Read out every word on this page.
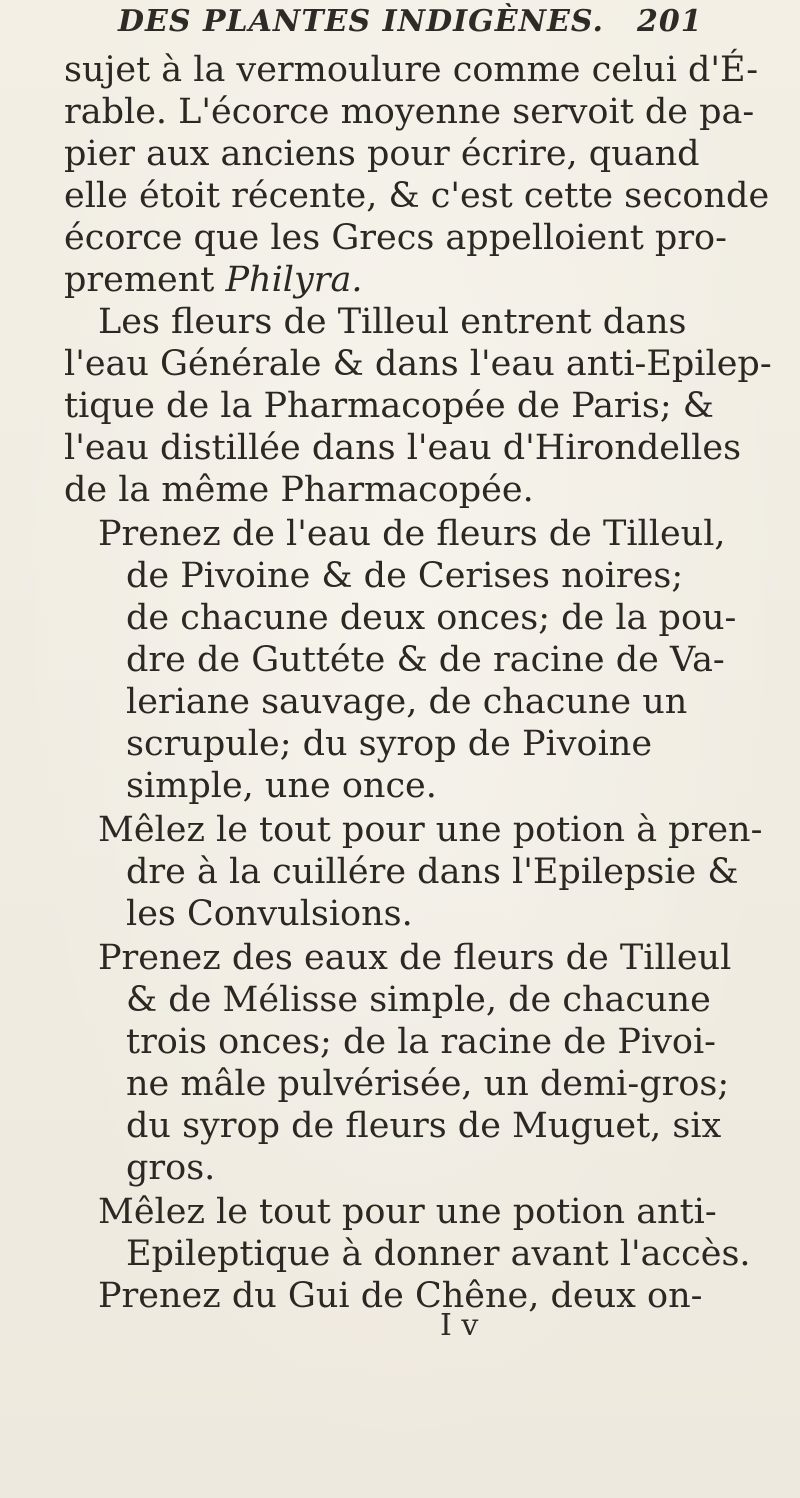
DES PLANTES INDIGÈNES. 201
sujet à la vermoulure comme celui d'É-
rable. L'écorce moyenne servoit de pa-
pier aux anciens pour écrire, quand
elle étoit récente, & c'est cette seconde
écorce que les Grecs appelloient pro-
prement Philyra.
Les fleurs de Tilleul entrent dans
l'eau Générale & dans l'eau anti-Epilep-
tique de la Pharmacopée de Paris; &
l'eau distillée dans l'eau d'Hirondelles
de la même Pharmacopée.
Prenez de l'eau de fleurs de Tilleul,
de Pivoine & de Cerises noires;
de chacune deux onces; de la pou-
dre de Guttéte & de racine de Va-
leriane sauvage, de chacune un
scrupule; du syrop de Pivoine
simple, une once.
Mêlez le tout pour une potion à pren-
dre à la cuillére dans l'Epilepsie &
les Convulsions.
Prenez des eaux de fleurs de Tilleul
& de Mélisse simple, de chacune
trois onces; de la racine de Pivoi-
ne mâle pulvérisée, un demi-gros;
du syrop de fleurs de Muguet, six
gros.
Mêlez le tout pour une potion anti-
Epileptique à donner avant l'accès.
Prenez du Gui de Chêne, deux on-
I v
